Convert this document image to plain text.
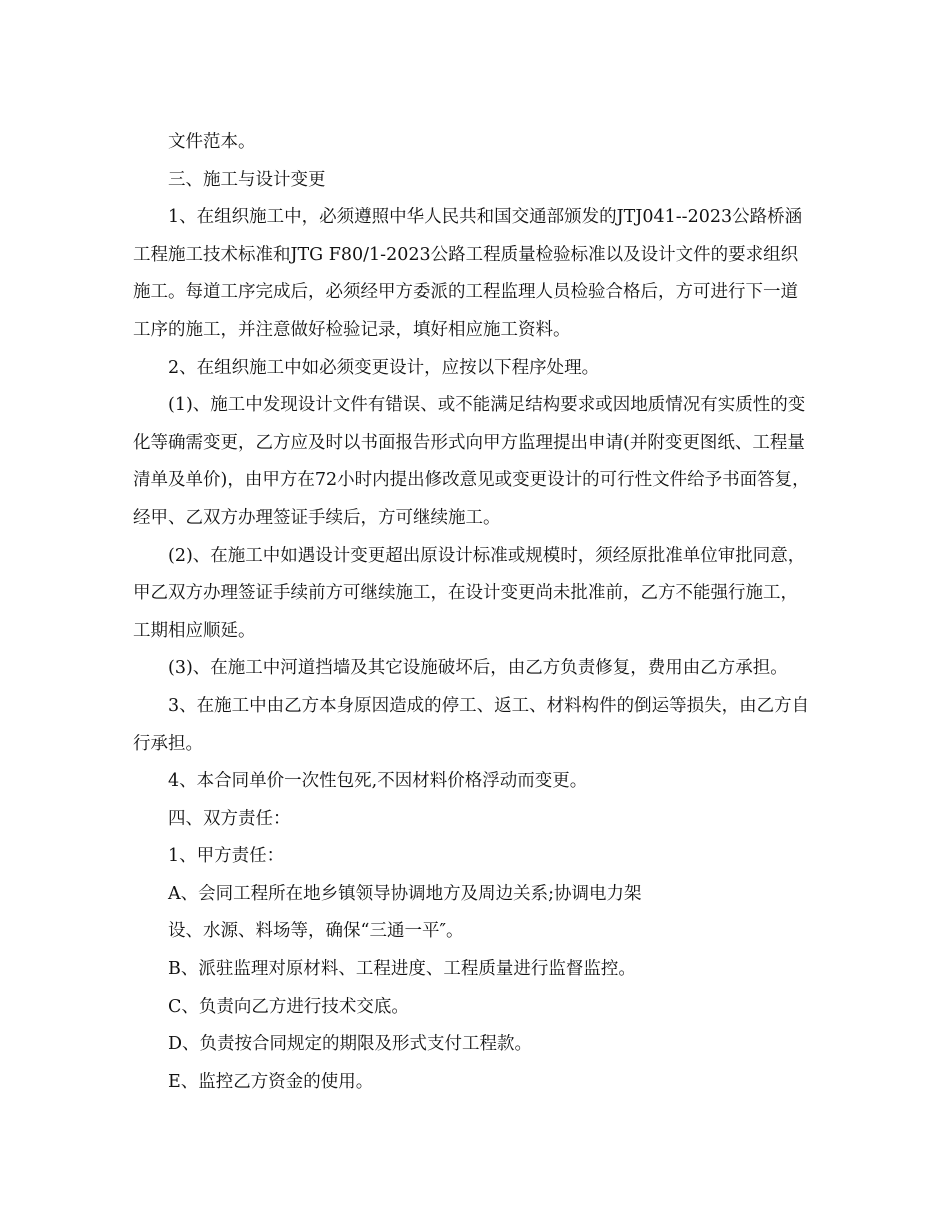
文件范本。

三、施工与设计变更

1、在组织施工中，必须遵照中华人民共和国交通部颁发的JTJ041--2023公路桥涵工程施工技术标准和JTG F80/1-2023公路工程质量检验标准以及设计文件的要求组织施工。每道工序完成后，必须经甲方委派的工程监理人员检验合格后，方可进行下一道工序的施工，并注意做好检验记录，填好相应施工资料。

2、在组织施工中如必须变更设计，应按以下程序处理。

(1)、施工中发现设计文件有错误、或不能满足结构要求或因地质情况有实质性的变化等确需变更，乙方应及时以书面报告形式向甲方监理提出申请(并附变更图纸、工程量清单及单价)，由甲方在72小时内提出修改意见或变更设计的可行性文件给予书面答复，经甲、乙双方办理签证手续后，方可继续施工。

(2)、在施工中如遇设计变更超出原设计标准或规模时，须经原批准单位审批同意，甲乙双方办理签证手续前方可继续施工，在设计变更尚未批准前，乙方不能强行施工，工期相应顺延。

(3)、在施工中河道挡墙及其它设施破坏后，由乙方负责修复，费用由乙方承担。

3、在施工中由乙方本身原因造成的停工、返工、材料构件的倒运等损失，由乙方自行承担。

4、本合同单价一次性包死,不因材料价格浮动而变更。

四、双方责任：

1、甲方责任：

A、会同工程所在地乡镇领导协调地方及周边关系;协调电力架

设、水源、料场等，确保“三通一平″。

B、派驻监理对原材料、工程进度、工程质量进行监督监控。

C、负责向乙方进行技术交底。

D、负责按合同规定的期限及形式支付工程款。

E、监控乙方资金的使用。
